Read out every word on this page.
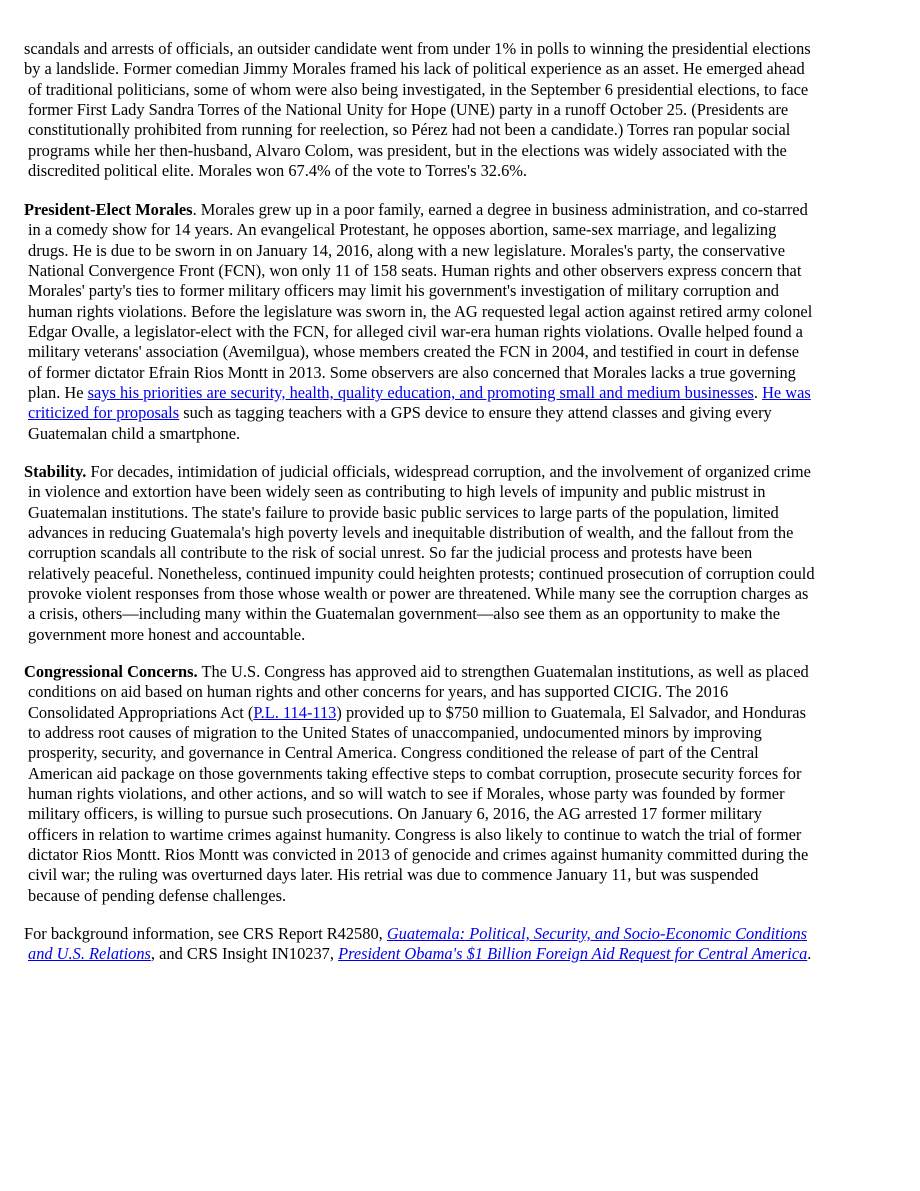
scandals and arrests of officials, an outsider candidate went from under 1% in polls to winning the presidential elections
by a landslide. Former comedian Jimmy Morales framed his lack of political experience as an asset. He emerged ahead
of traditional politicians, some of whom were also being investigated, in the September 6 presidential elections, to face
former First Lady Sandra Torres of the National Unity for Hope (UNE) party in a runoff October 25. (Presidents are
constitutionally prohibited from running for reelection, so Pérez had not been a candidate.) Torres ran popular social
programs while her then-husband, Alvaro Colom, was president, but in the elections was widely associated with the
discredited political elite. Morales won 67.4% of the vote to Torres's 32.6%.

President-Elect Morales. Morales grew up in a poor family, earned a degree in business administration, and co-starred
in a comedy show for 14 years. An evangelical Protestant, he opposes abortion, same-sex marriage, and legalizing
drugs. He is due to be sworn in on January 14, 2016, along with a new legislature. Morales's party, the conservative
National Convergence Front (FCN), won only 11 of 158 seats. Human rights and other observers express concern that
Morales' party's ties to former military officers may limit his government's investigation of military corruption and
human rights violations. Before the legislature was sworn in, the AG requested legal action against retired army colonel
Edgar Ovalle, a legislator-elect with the FCN, for alleged civil war-era human rights violations. Ovalle helped found a
military veterans' association (Avemilgua), whose members created the FCN in 2004, and testified in court in defense
of former dictator Efrain Rios Montt in 2013. Some observers are also concerned that Morales lacks a true governing
plan. He says his priorities are security, health, quality education, and promoting small and medium businesses. He was
criticized for proposals such as tagging teachers with a GPS device to ensure they attend classes and giving every
Guatemalan child a smartphone.

Stability. For decades, intimidation of judicial officials, widespread corruption, and the involvement of organized crime
in violence and extortion have been widely seen as contributing to high levels of impunity and public mistrust in
Guatemalan institutions. The state's failure to provide basic public services to large parts of the population, limited
advances in reducing Guatemala's high poverty levels and inequitable distribution of wealth, and the fallout from the
corruption scandals all contribute to the risk of social unrest. So far the judicial process and protests have been
relatively peaceful. Nonetheless, continued impunity could heighten protests; continued prosecution of corruption could
provoke violent responses from those whose wealth or power are threatened. While many see the corruption charges as
a crisis, others—including many within the Guatemalan government—also see them as an opportunity to make the
government more honest and accountable.

Congressional Concerns. The U.S. Congress has approved aid to strengthen Guatemalan institutions, as well as placed
conditions on aid based on human rights and other concerns for years, and has supported CICIG. The 2016
Consolidated Appropriations Act (P.L. 114-113) provided up to $750 million to Guatemala, El Salvador, and Honduras
to address root causes of migration to the United States of unaccompanied, undocumented minors by improving
prosperity, security, and governance in Central America. Congress conditioned the release of part of the Central
American aid package on those governments taking effective steps to combat corruption, prosecute security forces for
human rights violations, and other actions, and so will watch to see if Morales, whose party was founded by former
military officers, is willing to pursue such prosecutions. On January 6, 2016, the AG arrested 17 former military
officers in relation to wartime crimes against humanity. Congress is also likely to continue to watch the trial of former
dictator Rios Montt. Rios Montt was convicted in 2013 of genocide and crimes against humanity committed during the
civil war; the ruling was overturned days later. His retrial was due to commence January 11, but was suspended
because of pending defense challenges.

For background information, see CRS Report R42580, Guatemala: Political, Security, and Socio-Economic Conditions
and U.S. Relations, and CRS Insight IN10237, President Obama's $1 Billion Foreign Aid Request for Central America.
